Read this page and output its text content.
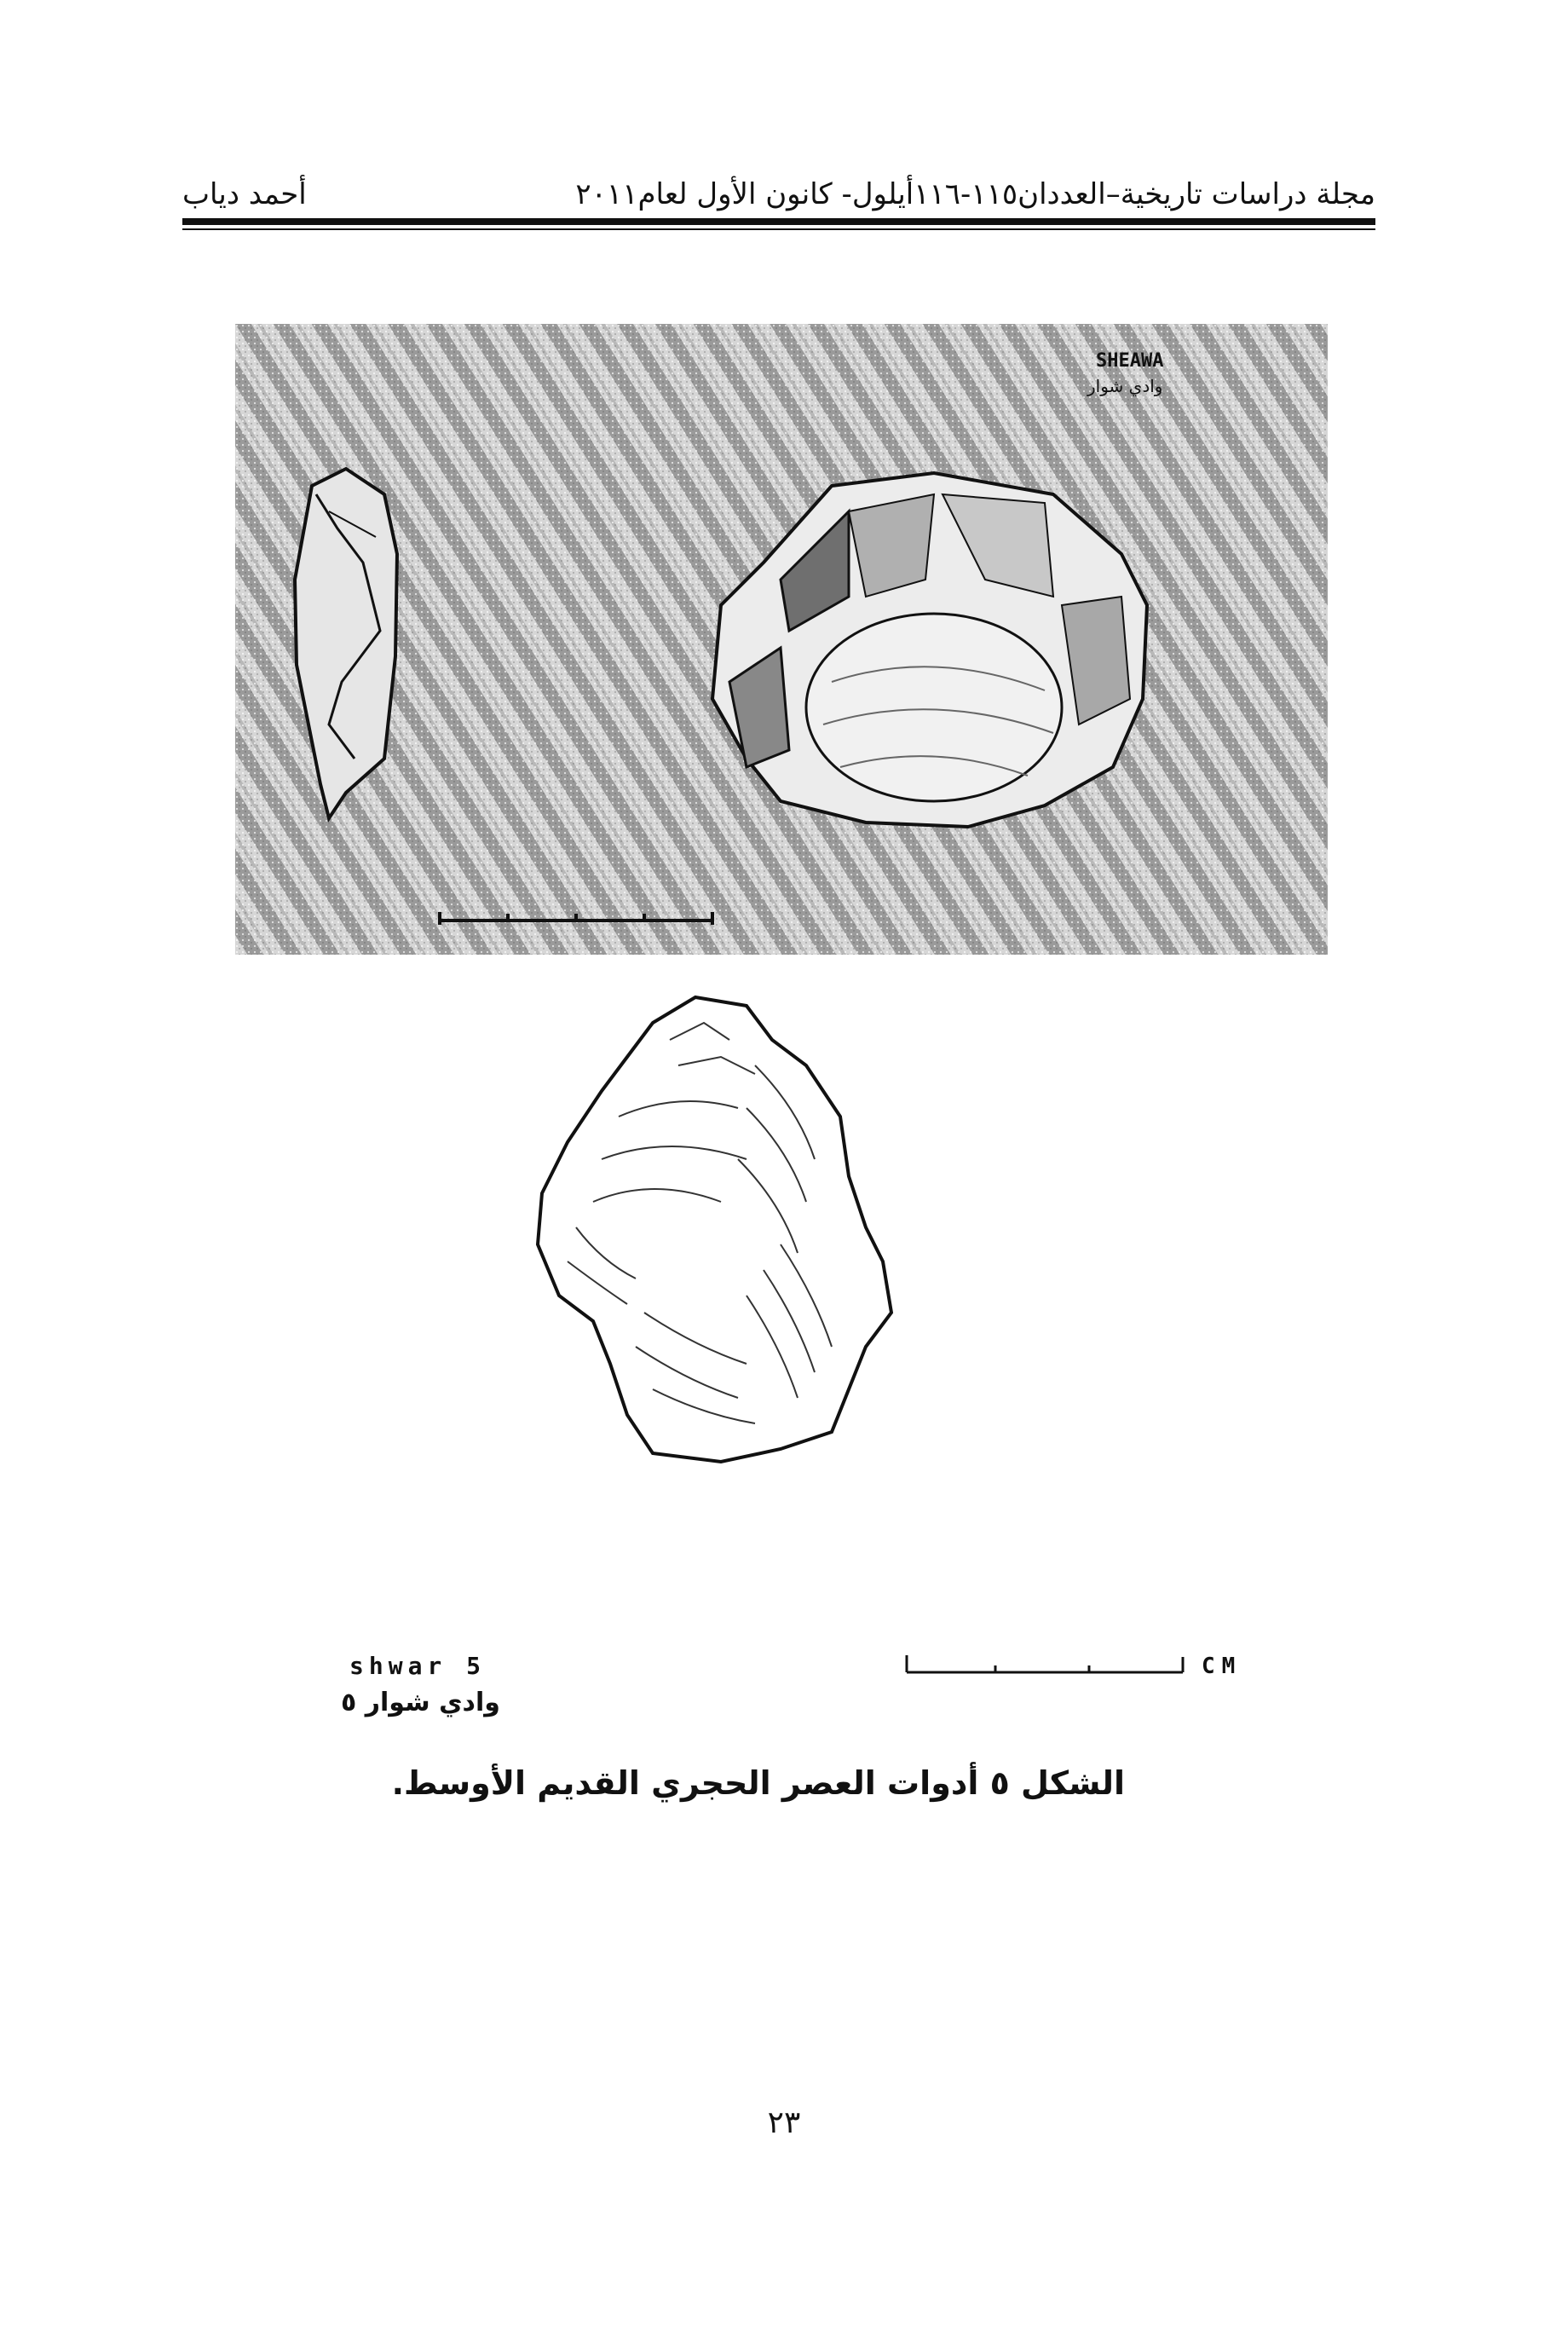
مجلة دراسات تاريخية–العددان١١٥-١١٦أيلول- كانون الأول لعام٢٠١١
أحمد دياب
SHEAWA
وادي شوار
shwar 5
وادي شوار ٥
CM
الشكل ٥ أدوات العصر الحجري القديم الأوسط.
٢٣
